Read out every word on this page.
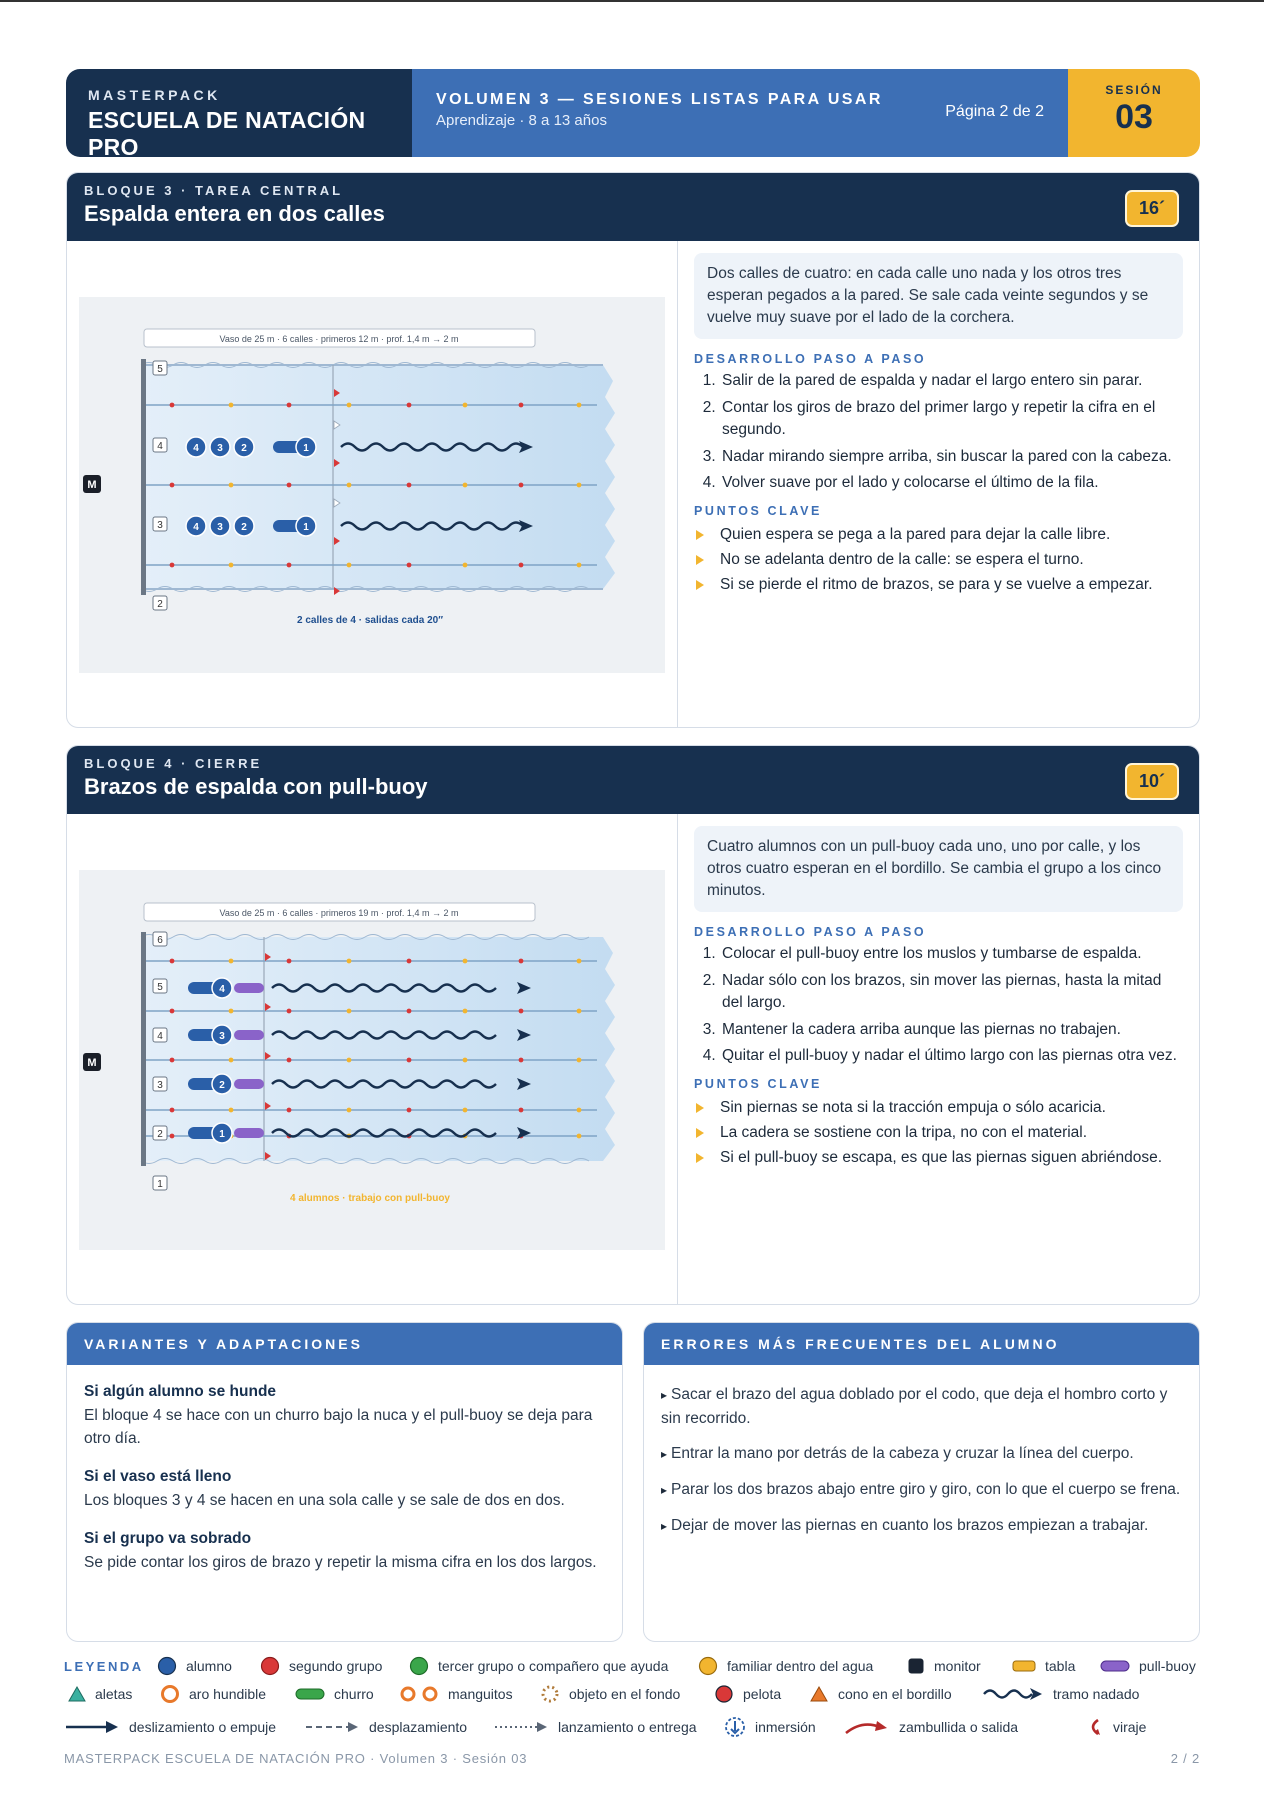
MASTERPACK
ESCUELA DE NATACIÓN PRO
VOLUMEN 3 — SESIONES LISTAS PARA USAR
Aprendizaje · 8 a 13 años
Página 2 de 2
SESIÓN
03
BLOQUE 3 · TAREA CENTRAL
Espalda entera en dos calles	16´
Vaso de 25 m · 6 calles · primeros 12 m · prof. 1,4 m → 2 m
5
4
3
2
M
4 3 2	1
4 3 2	1
2 calles de 4 · salidas cada 20″
Dos calles de cuatro: en cada calle uno nada y los otros tres esperan pegados a la pared. Se sale cada veinte segundos y se vuelve muy suave por el lado de la corchera.
DESARROLLO PASO A PASO
1. Salir de la pared de espalda y nadar el largo entero sin parar.
2. Contar los giros de brazo del primer largo y repetir la cifra en el segundo.
3. Nadar mirando siempre arriba, sin buscar la pared con la cabeza.
4. Volver suave por el lado y colocarse el último de la fila.
PUNTOS CLAVE
Quien espera se pega a la pared para dejar la calle libre.
No se adelanta dentro de la calle: se espera el turno.
Si se pierde el ritmo de brazos, se para y se vuelve a empezar.
BLOQUE 4 · CIERRE
Brazos de espalda con pull-buoy	10´
Vaso de 25 m · 6 calles · primeros 19 m · prof. 1,4 m → 2 m
6
5
4
3
2
1
M
4
3
2
1
4 alumnos · trabajo con pull-buoy
Cuatro alumnos con un pull-buoy cada uno, uno por calle, y los otros cuatro esperan en el bordillo. Se cambia el grupo a los cinco minutos.
DESARROLLO PASO A PASO
1. Colocar el pull-buoy entre los muslos y tumbarse de espalda.
2. Nadar sólo con los brazos, sin mover las piernas, hasta la mitad del largo.
3. Mantener la cadera arriba aunque las piernas no trabajen.
4. Quitar el pull-buoy y nadar el último largo con las piernas otra vez.
PUNTOS CLAVE
Sin piernas se nota si la tracción empuja o sólo acaricia.
La cadera se sostiene con la tripa, no con el material.
Si el pull-buoy se escapa, es que las piernas siguen abriéndose.
VARIANTES Y ADAPTACIONES
Si algún alumno se hunde
El bloque 4 se hace con un churro bajo la nuca y el pull-buoy se deja para otro día.
Si el vaso está lleno
Los bloques 3 y 4 se hacen en una sola calle y se sale de dos en dos.
Si el grupo va sobrado
Se pide contar los giros de brazo y repetir la misma cifra en los dos largos.
ERRORES MÁS FRECUENTES DEL ALUMNO
▸ Sacar el brazo del agua doblado por el codo, que deja el hombro corto y sin recorrido.
▸ Entrar la mano por detrás de la cabeza y cruzar la línea del cuerpo.
▸ Parar los dos brazos abajo entre giro y giro, con lo que el cuerpo se frena.
▸ Dejar de mover las piernas en cuanto los brazos empiezan a trabajar.
LEYENDA	alumno	segundo grupo	tercer grupo o compañero que ayuda	familiar dentro del agua	monitor	tabla	pull-buoy
aletas	aro hundible	churro	manguitos	objeto en el fondo	pelota	cono en el bordillo	tramo nadado
deslizamiento o empuje	desplazamiento	lanzamiento o entrega	inmersión	zambullida o salida	viraje
MASTERPACK ESCUELA DE NATACIÓN PRO · Volumen 3 · Sesión 03	2 / 2
